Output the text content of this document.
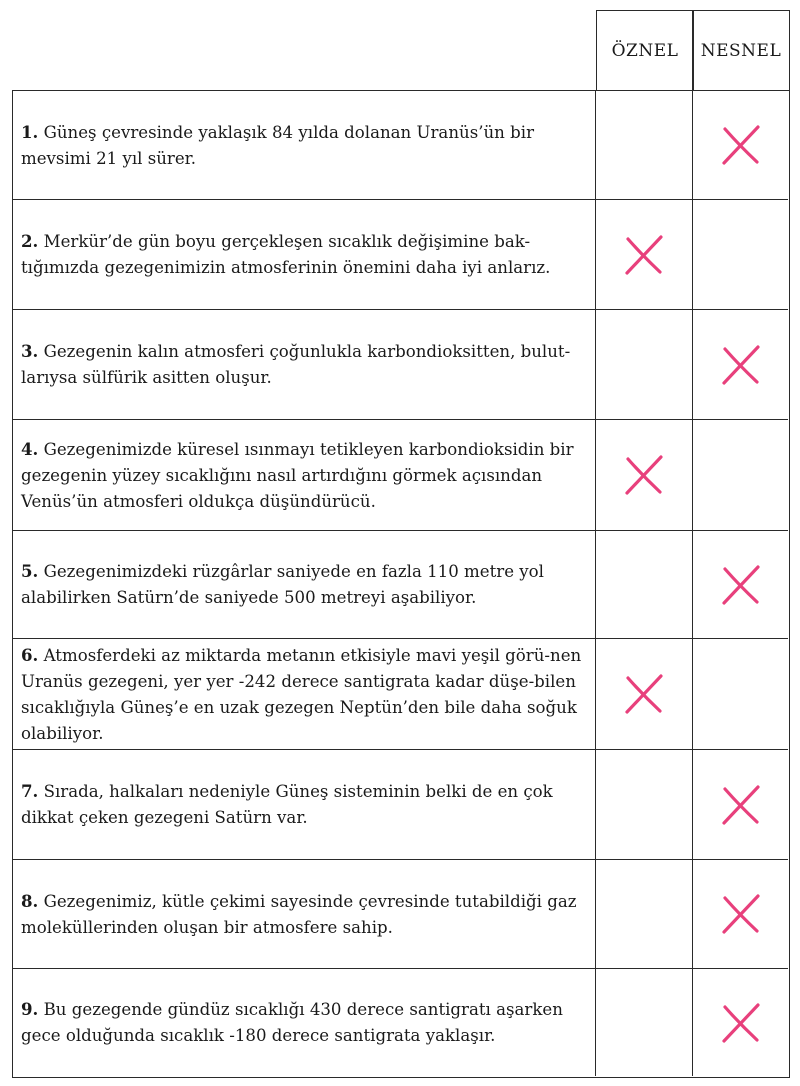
ÖZNEL	NESNEL
1. Güneş çevresinde yaklaşık 84 yılda dolanan Uranüs’ün bir mevsimi 21 yıl sürer.
2. Merkür’de gün boyu gerçekleşen sıcaklık değişimine bak-tığımızda gezegenimizin atmosferinin önemini daha iyi anlarız.
3. Gezegenin kalın atmosferi çoğunlukla karbondioksitten, bulut-larıysa sülfürik asitten oluşur.
4. Gezegenimizde küresel ısınmayı tetikleyen karbondioksidin bir gezegenin yüzey sıcaklığını nasıl artırdığını görmek açısından Venüs’ün atmosferi oldukça düşündürücü.
5. Gezegenimizdeki rüzgârlar saniyede en fazla 110 metre yol alabilirken Satürn’de saniyede 500 metreyi aşabiliyor.
6. Atmosferdeki az miktarda metanın etkisiyle mavi yeşil görü-nen Uranüs gezegeni, yer yer -242 derece santigrata kadar düşe-bilen sıcaklığıyla Güneş’e en uzak gezegen Neptün’den bile daha soğuk olabiliyor.
7. Sırada, halkaları nedeniyle Güneş sisteminin belki de en çok dikkat çeken gezegeni Satürn var.
8. Gezegenimiz, kütle çekimi sayesinde çevresinde tutabildiği gaz moleküllerinden oluşan bir atmosfere sahip.
9. Bu gezegende gündüz sıcaklığı 430 derece santigratı aşarken gece olduğunda sıcaklık -180 derece santigrata yaklaşır.
